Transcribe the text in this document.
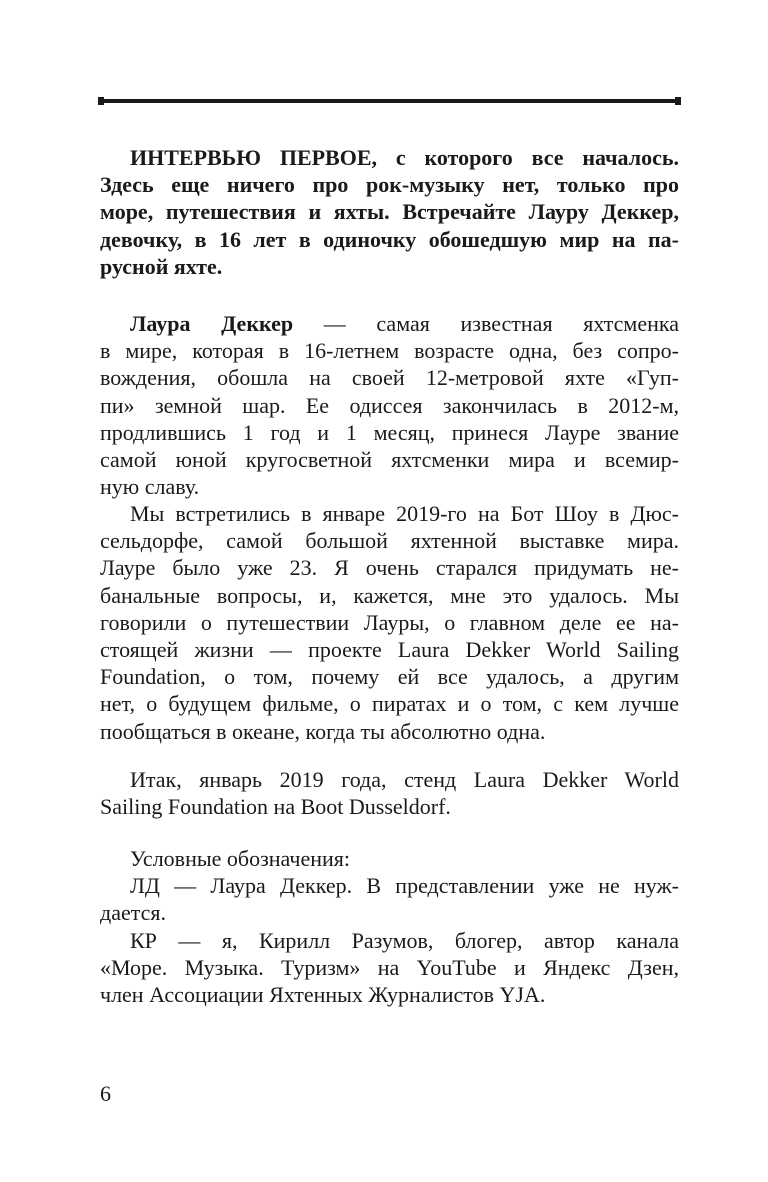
ИНТЕРВЬЮ ПЕРВОЕ, с которого все началось.
Здесь еще ничего про рок-музыку нет, только про
море, путешествия и яхты. Встречайте Лауру Деккер,
девочку, в 16 лет в одиночку обошедшую мир на па-
русной яхте.
Лаура Деккер — самая известная яхтсменка
в мире, которая в 16-летнем возрасте одна, без сопро-
вождения, обошла на своей 12-метровой яхте «Гуп-
пи» земной шар. Ее одиссея закончилась в 2012-м,
продлившись 1 год и 1 месяц, принеся Лауре звание
самой юной кругосветной яхтсменки мира и всемир-
ную славу.
Мы встретились в январе 2019-го на Бот Шоу в Дюс-
сельдорфе, самой большой яхтенной выставке мира.
Лауре было уже 23. Я очень старался придумать не-
банальные вопросы, и, кажется, мне это удалось. Мы
говорили о путешествии Лауры, о главном деле ее на-
стоящей жизни — проекте Laura Dekker World Sailing
Foundation, о том, почему ей все удалось, а другим
нет, о будущем фильме, о пиратах и о том, с кем лучше
пообщаться в океане, когда ты абсолютно одна.
Итак, январь 2019 года, стенд Laura Dekker World
Sailing Foundation на Boot Dusseldorf.
Условные обозначения:
ЛД — Лаура Деккер. В представлении уже не нуж-
дается.
КР — я, Кирилл Разумов, блогер, автор канала
«Море. Музыка. Туризм» на YouTube и Яндекс Дзен,
член Ассоциации Яхтенных Журналистов YJA.
6
